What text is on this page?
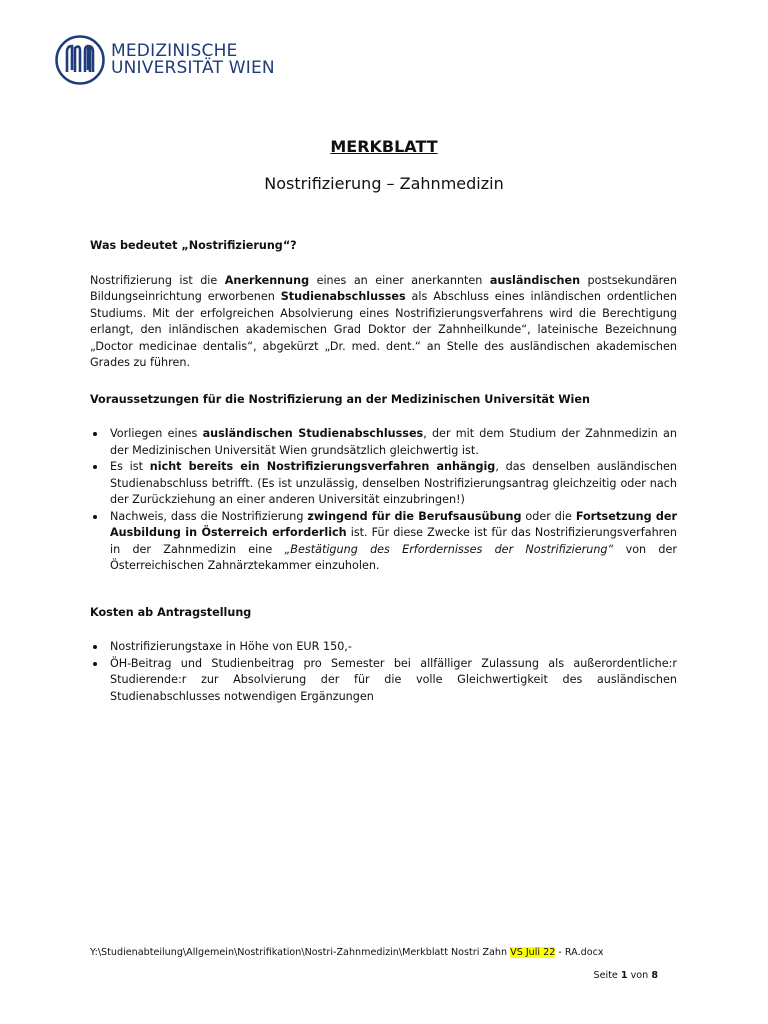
MEDIZINISCHE
UNIVERSITÄT WIEN
MERKBLATT
Nostrifizierung – Zahnmedizin

Was bedeutet „Nostrifizierung“?

Nostrifizierung ist die Anerkennung eines an einer anerkannten ausländischen postsekundären Bildungseinrichtung erworbenen Studienabschlusses als Abschluss eines inländischen ordentlichen Studiums. Mit der erfolgreichen Absolvierung eines Nostrifizierungsverfahrens wird die Berechtigung erlangt, den inländischen akademischen Grad Doktor der Zahnheilkunde“, lateinische Bezeichnung „Doctor medicinae dentalis“, abgekürzt „Dr. med. dent.“ an Stelle des ausländischen akademischen Grades zu führen.

Voraussetzungen für die Nostrifizierung an der Medizinischen Universität Wien

Vorliegen eines ausländischen Studienabschlusses, der mit dem Studium der Zahnmedizin an der Medizinischen Universität Wien grundsätzlich gleichwertig ist.
Es ist nicht bereits ein Nostrifizierungsverfahren anhängig, das denselben ausländischen Studienabschluss betrifft. (Es ist unzulässig, denselben Nostrifizierungsantrag gleichzeitig oder nach der Zurückziehung an einer anderen Universität einzubringen!)
Nachweis, dass die Nostrifizierung zwingend für die Berufsausübung oder die Fortsetzung der Ausbildung in Österreich erforderlich ist. Für diese Zwecke ist für das Nostrifizierungsverfahren in der Zahnmedizin eine „Bestätigung des Erfordernisses der Nostrifizierung“ von der Österreichischen Zahnärztekammer einzuholen.

Kosten ab Antragstellung

Nostrifizierungstaxe in Höhe von EUR 150,-
ÖH-Beitrag und Studienbeitrag pro Semester bei allfälliger Zulassung als außerordentliche:r Studierende:r zur Absolvierung der für die volle Gleichwertigkeit des ausländischen Studienabschlusses notwendigen Ergänzungen
Y:\Studienabteilung\Allgemein\Nostrifikation\Nostri-Zahnmedizin\Merkblatt Nostri Zahn VS Juli 22 - RA.docx
Seite 1 von 8
